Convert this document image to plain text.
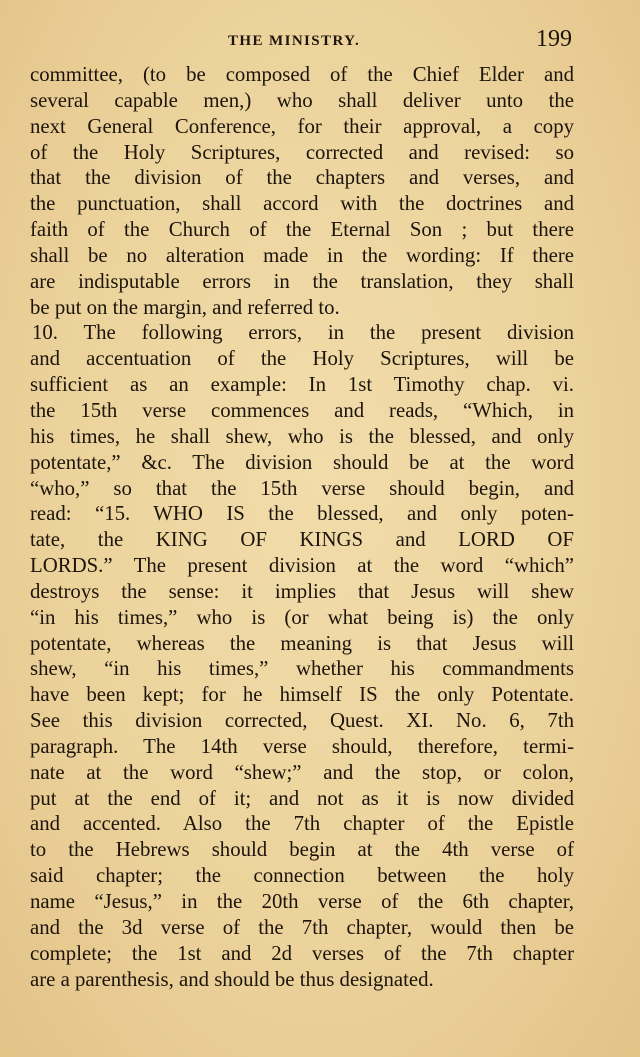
THE MINISTRY.	199
committee, (to be composed of the Chief Elder and
several capable men,) who shall deliver unto the
next General Conference, for their approval, a copy
of the Holy Scriptures, corrected and revised: so
that the division of the chapters and verses, and
the punctuation, shall accord with the doctrines and
faith of the Church of the Eternal Son ; but there
shall be no alteration made in the wording: If there
are indisputable errors in the translation, they shall
be put on the margin, and referred to.
10. The following errors, in the present division
and accentuation of the Holy Scriptures, will be
sufficient as an example: In 1st Timothy chap. vi.
the 15th verse commences and reads, “Which, in
his times, he shall shew, who is the blessed, and only
potentate,” &c. The division should be at the word
“who,” so that the 15th verse should begin, and
read: “15. WHO IS the blessed, and only poten-
tate, the KING OF KINGS and LORD OF
LORDS.” The present division at the word “which”
destroys the sense: it implies that Jesus will shew
“in his times,” who is (or what being is) the only
potentate, whereas the meaning is that Jesus will
shew, “in his times,” whether his commandments
have been kept; for he himself IS the only Potentate.
See this division corrected, Quest. XI. No. 6, 7th
paragraph. The 14th verse should, therefore, termi-
nate at the word “shew;” and the stop, or colon,
put at the end of it; and not as it is now divided
and accented. Also the 7th chapter of the Epistle
to the Hebrews should begin at the 4th verse of
said chapter; the connection between the holy
name “Jesus,” in the 20th verse of the 6th chapter,
and the 3d verse of the 7th chapter, would then be
complete; the 1st and 2d verses of the 7th chapter
are a parenthesis, and should be thus designated.
